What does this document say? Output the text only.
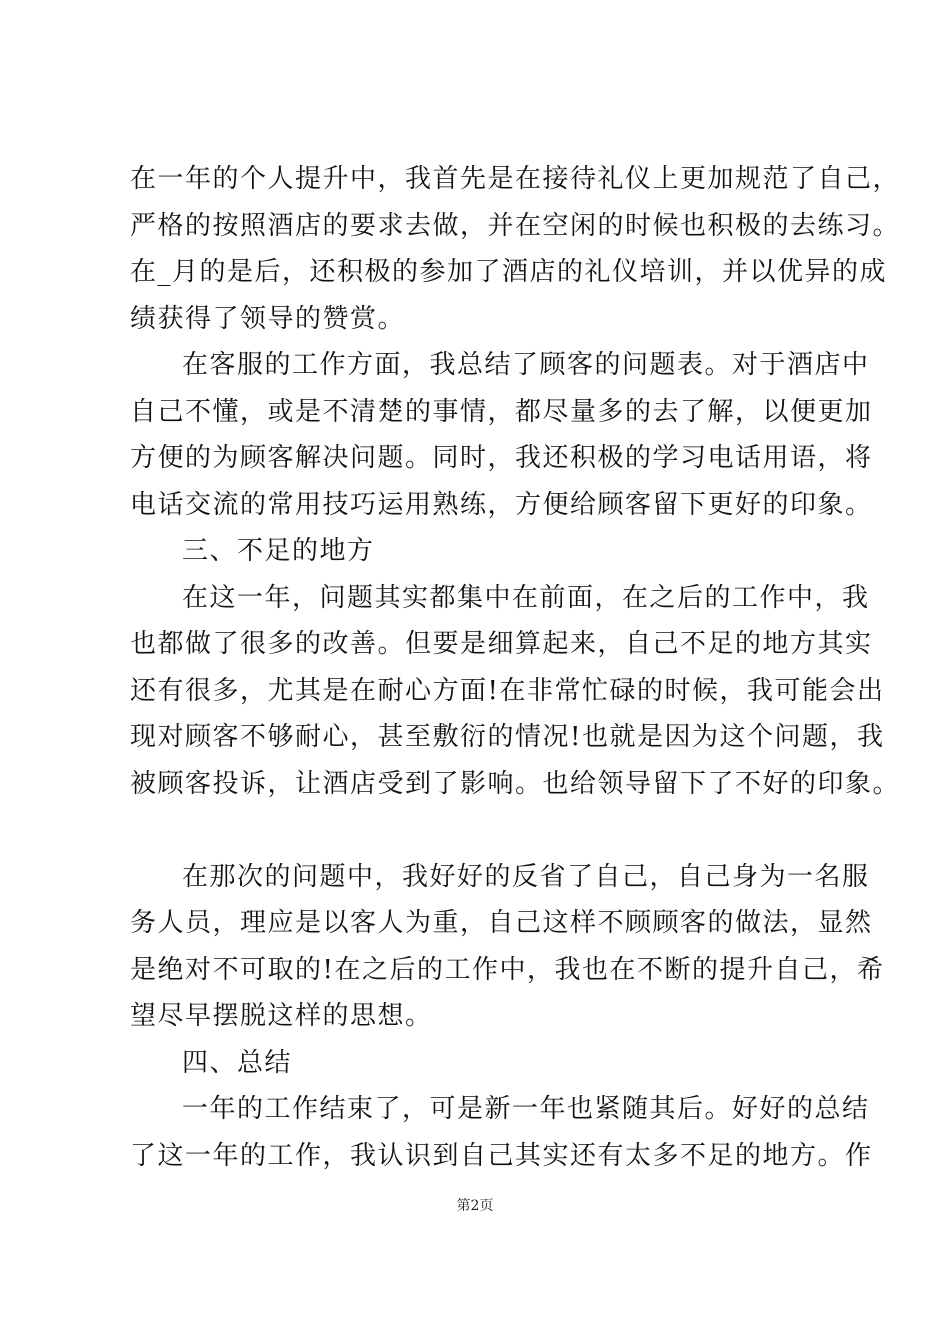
在一年的个人提升中，我首先是在接待礼仪上更加规范了自己，
严格的按照酒店的要求去做，并在空闲的时候也积极的去练习。
在_月的是后，还积极的参加了酒店的礼仪培训，并以优异的成
绩获得了领导的赞赏。
在客服的工作方面，我总结了顾客的问题表。对于酒店中
自己不懂，或是不清楚的事情，都尽量多的去了解，以便更加
方便的为顾客解决问题。同时，我还积极的学习电话用语，将
电话交流的常用技巧运用熟练，方便给顾客留下更好的印象。
三、不足的地方
在这一年，问题其实都集中在前面，在之后的工作中，我
也都做了很多的改善。但要是细算起来，自己不足的地方其实
还有很多，尤其是在耐心方面!在非常忙碌的时候，我可能会出
现对顾客不够耐心，甚至敷衍的情况!也就是因为这个问题，我
被顾客投诉，让酒店受到了影响。也给领导留下了不好的印象。
在那次的问题中，我好好的反省了自己，自己身为一名服
务人员，理应是以客人为重，自己这样不顾顾客的做法，显然
是绝对不可取的!在之后的工作中，我也在不断的提升自己，希
望尽早摆脱这样的思想。
四、总结
一年的工作结束了，可是新一年也紧随其后。好好的总结
了这一年的工作，我认识到自己其实还有太多不足的地方。作
第2页
